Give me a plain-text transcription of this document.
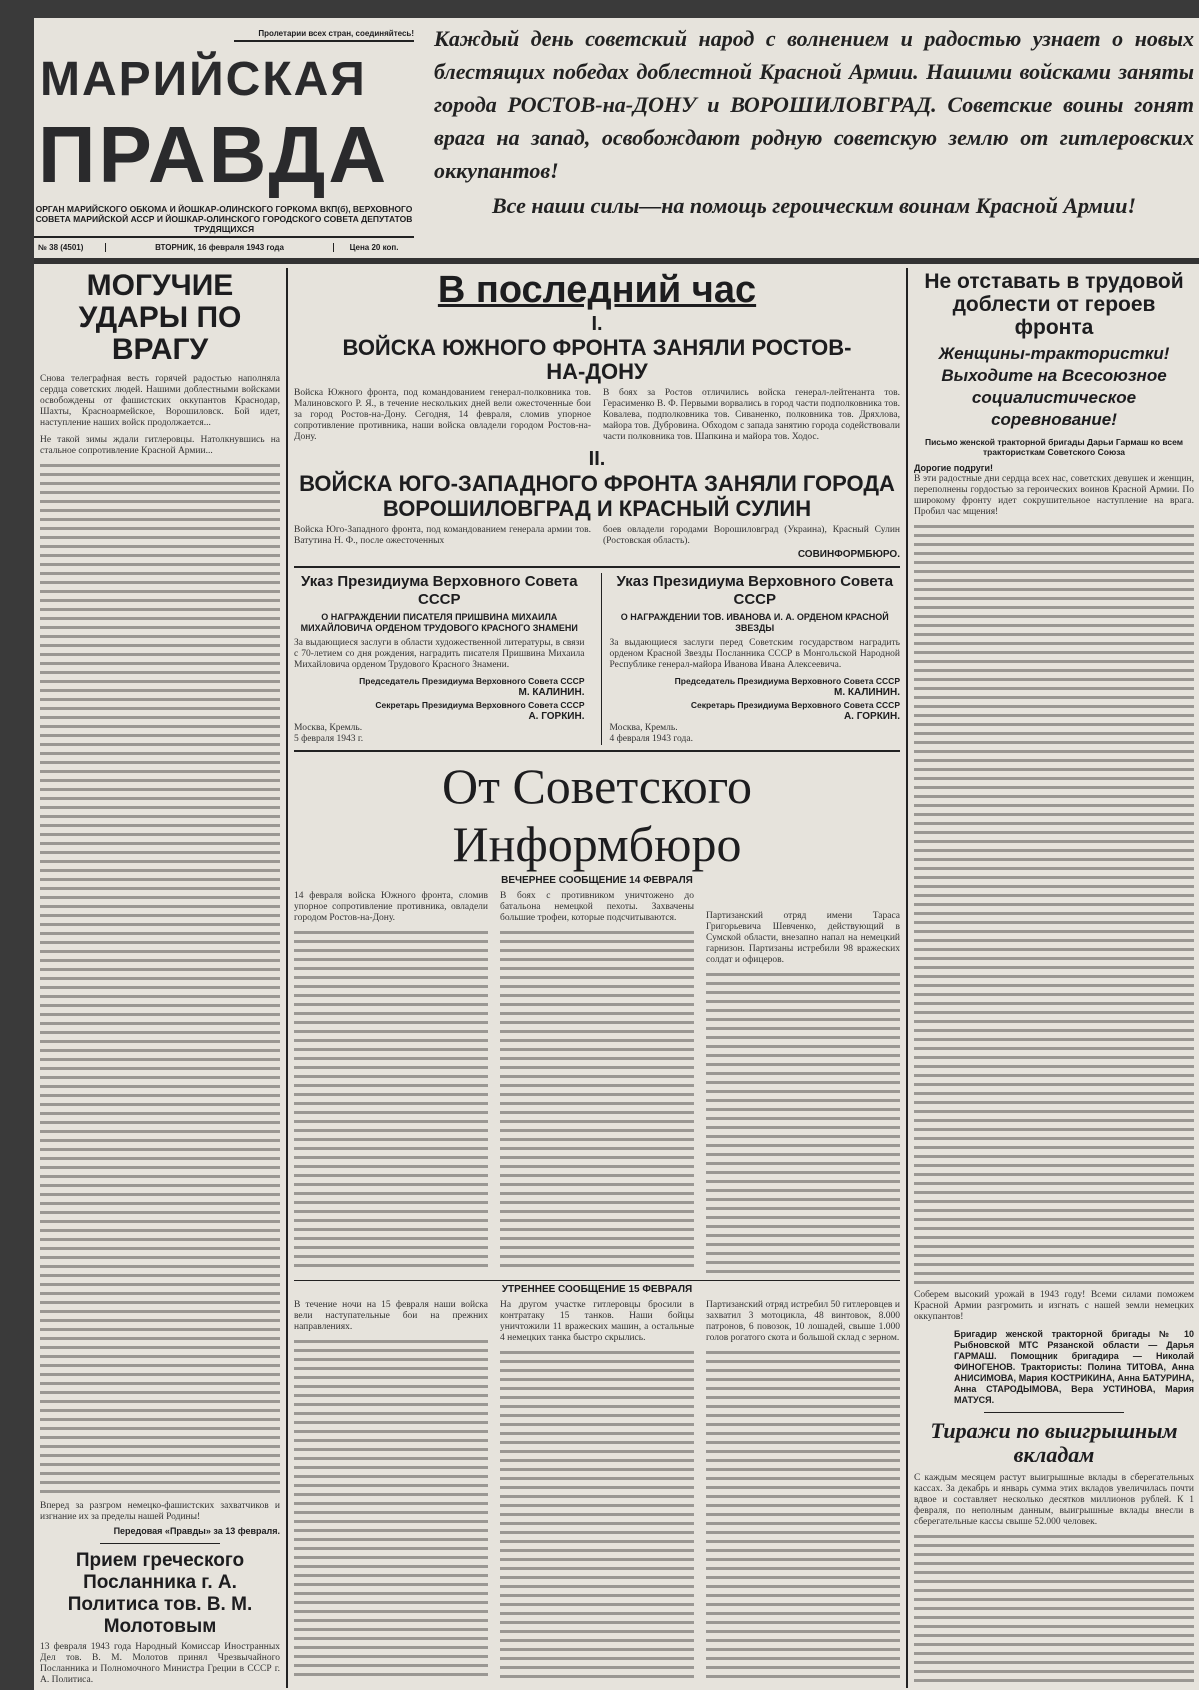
Пролетарии всех стран, соединяйтесь!
МАРИЙСКАЯ
ПРАВДА
ОРГАН МАРИЙСКОГО ОБКОМА И ЙОШКАР-ОЛИНСКОГО ГОРКОМА ВКП(б), ВЕРХОВНОГО СОВЕТА МАРИЙСКОЙ АССР И ЙОШКАР-ОЛИНСКОГО ГОРОДСКОГО СОВЕТА ДЕПУТАТОВ ТРУДЯЩИХСЯ
№ 38 (4501)	ВТОРНИК, 16 февраля 1943 года	Цена 20 коп.
Каждый день советский народ с волнением и радостью узнает о новых блестящих победах доблестной Красной Армии. Нашими войсками заняты города РОСТОВ-на-ДОНУ и ВОРОШИЛОВГРАД. Советские воины гонят врага на запад, освобождают родную советскую землю от гитлеровских оккупантов!
Все наши силы—на помощь героическим воинам Красной Армии!
МОГУЧИЕ УДАРЫ ПО ВРАГУ
Снова телеграфная весть горячей радостью наполняла сердца советских людей. Нашими доблестными войсками освобождены от фашистских оккупантов Краснодар, Шахты, Красноармейское, Ворошиловск. Бой идет, наступление наших войск продолжается...
Не такой зимы ждали гитлеровцы. Натолкнувшись на стальное сопротивление Красной Армии...
Вперед за разгром немецко-фашистских захватчиков и изгнание их за пределы нашей Родины!
Передовая «Правды» за 13 февраля.
Прием греческого Посланника г. А. Политиса тов. В. М. Молотовым
13 февраля 1943 года Народный Комиссар Иностранных Дел тов. В. М. Молотов принял Чрезвычайного Посланника и Полномочного Министра Греции в СССР г. А. Политиса.
В последний час
I.
ВОЙСКА ЮЖНОГО ФРОНТА ЗАНЯЛИ РОСТОВ-НА-ДОНУ
Войска Южного фронта, под командованием генерал-полковника тов. Малиновского Р. Я., в течение нескольких дней вели ожесточенные бои за город Ростов-на-Дону. Сегодня, 14 февраля, сломив упорное сопротивление противника, наши войска овладели городом Ростов-на-Дону.
В боях за Ростов отличились войска генерал-лейтенанта тов. Герасименко В. Ф. Первыми ворвались в город части подполковника тов. Ковалева, подполковника тов. Сиваненко, полковника тов. Дряхлова, майора тов. Дубровина. Обходом с запада занятию города содействовали части полковника тов. Шапкина и майора тов. Ходос.
II.
ВОЙСКА ЮГО-ЗАПАДНОГО ФРОНТА ЗАНЯЛИ ГОРОДА ВОРОШИЛОВГРАД И КРАСНЫЙ СУЛИН
Войска Юго-Западного фронта, под командованием генерала армии тов. Ватутина Н. Ф., после ожесточенных
боев овладели городами Ворошиловград (Украина), Красный Сулин (Ростовская область).
СОВИНФОРМБЮРО.
Указ Президиума Верховного Совета СССР
О НАГРАЖДЕНИИ ПИСАТЕЛЯ ПРИШВИНА МИХАИЛА МИХАЙЛОВИЧА ОРДЕНОМ ТРУДОВОГО КРАСНОГО ЗНАМЕНИ
За выдающиеся заслуги в области художественной литературы, в связи с 70-летием со дня рождения, наградить писателя Пришвина Михаила Михайловича орденом Трудового Красного Знамени.
Председатель Президиума Верховного Совета СССР
М. КАЛИНИН.
Секретарь Президиума Верховного Совета СССР
А. ГОРКИН.
Москва, Кремль.
5 февраля 1943 г.
Указ Президиума Верховного Совета СССР
О НАГРАЖДЕНИИ ТОВ. ИВАНОВА И. А. ОРДЕНОМ КРАСНОЙ ЗВЕЗДЫ
За выдающиеся заслуги перед Советским государством наградить орденом Красной Звезды Посланника СССР в Монгольской Народной Республике генерал-майора Иванова Ивана Алексеевича.
Председатель Президиума Верховного Совета СССР
М. КАЛИНИН.
Секретарь Президиума Верховного Совета СССР
А. ГОРКИН.
Москва, Кремль.
4 февраля 1943 года.
От Советского Информбюро
ВЕЧЕРНЕЕ СООБЩЕНИЕ 14 ФЕВРАЛЯ
14 февраля войска Южного фронта, сломив упорное сопротивление противника, овладели городом Ростов-на-Дону.
В боях с противником уничтожено до батальона немецкой пехоты. Захвачены большие трофеи, которые подсчитываются.	Партизанский отряд имени Тараса Григорьевича Шевченко, действующий в Сумской области, внезапно напал на немецкий гарнизон. Партизаны истребили 98 вражеских солдат и офицеров.
УТРЕННЕЕ СООБЩЕНИЕ 15 ФЕВРАЛЯ
В течение ночи на 15 февраля наши войска вели наступательные бои на прежних направлениях.
На другом участке гитлеровцы бросили в контратаку 15 танков. Наши бойцы уничтожили 11 вражеских машин, а остальные 4 немецких танка быстро скрылись.
Партизанский отряд истребил 50 гитлеровцев и захватил 3 мотоцикла, 48 винтовок, 8.000 патронов, 6 повозок, 10 лошадей, свыше 1.000 голов рогатого скота и большой склад с зерном.
Не отставать в трудовой доблести от героев фронта
Женщины-трактористки! Выходите на Всесоюзное социалистическое соревнование!
Письмо женской тракторной бригады Дарьи Гармаш ко всем трактористкам Советского Союза
Дорогие подруги!
В эти радостные дни сердца всех нас, советских девушек и женщин, переполнены гордостью за героических воинов Красной Армии. По широкому фронту идет сокрушительное наступление на врага. Пробил час мщения!
Соберем высокий урожай в 1943 году! Всеми силами поможем Красной Армии разгромить и изгнать с нашей земли немецких оккупантов!
Бригадир женской тракторной бригады № 10 Рыбновской МТС Рязанской области — Дарья ГАРМАШ. Помощник бригадира — Николай ФИНОГЕНОВ. Трактористы: Полина ТИТОВА, Анна АНИСИМОВА, Мария КОСТРИКИНА, Анна БАТУРИНА, Анна СТАРОДЫМОВА, Вера УСТИНОВА, Мария МАТУСЯ.
Тиражи по выигрышным вкладам
С каждым месяцем растут выигрышные вклады в сберегательных кассах. За декабрь и январь сумма этих вкладов увеличилась почти вдвое и составляет несколько десятков миллионов рублей. К 1 февраля, по неполным данным, выигрышные вклады внесли в сберегательные кассы свыше 52.000 человек.
